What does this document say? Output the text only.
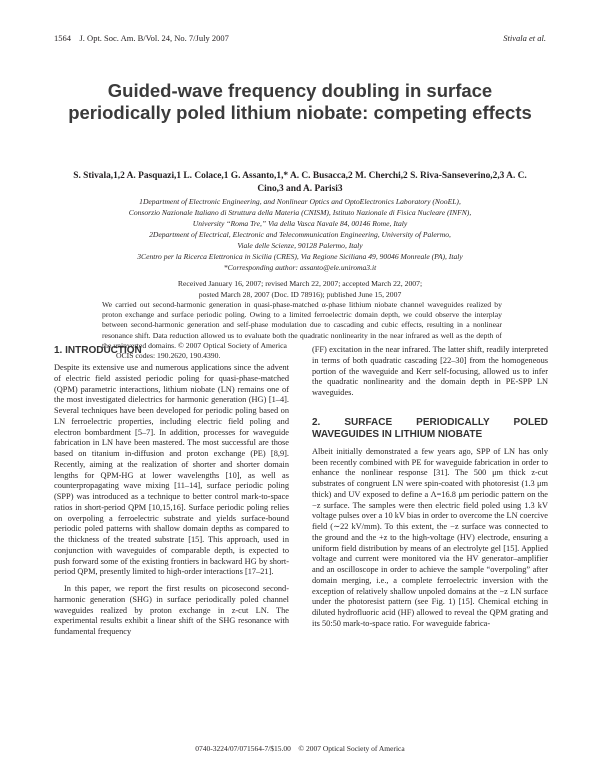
1564    J. Opt. Soc. Am. B/Vol. 24, No. 7/July 2007	Stivala et al.
Guided-wave frequency doubling in surface periodically poled lithium niobate: competing effects
S. Stivala,1,2 A. Pasquazi,1 L. Colace,1 G. Assanto,1,* A. C. Busacca,2 M. Cherchi,2 S. Riva-Sanseverino,2,3 A. C. Cino,3 and A. Parisi3
1Department of Electronic Engineering, and Nonlinear Optics and OptoElectronics Laboratory (NooEL),
Consorzio Nazionale Italiano di Struttura della Materia (CNISM), Istituto Nazionale di Fisica Nucleare (INFN),
University “Roma Tre,” Via della Vasca Navale 84, 00146 Rome, Italy
2Department of Electrical, Electronic and Telecommunication Engineering, University of Palermo,
Viale delle Scienze, 90128 Palermo, Italy
3Centro per la Ricerca Elettronica in Sicilia (CRES), Via Regione Siciliana 49, 90046 Monreale (PA), Italy
*Corresponding author: assanto@ele.uniroma3.it
Received January 16, 2007; revised March 22, 2007; accepted March 22, 2007;
posted March 28, 2007 (Doc. ID 78916); published June 15, 2007
We carried out second-harmonic generation in quasi-phase-matched α-phase lithium niobate channel waveguides realized by proton exchange and surface periodic poling. Owing to a limited ferroelectric domain depth, we could observe the interplay between second-harmonic generation and self-phase modulation due to cascading and cubic effects, resulting in a nonlinear resonance shift. Data reduction allowed us to evaluate both the quadratic nonlinearity in the near infrared as well as the depth of the uninverted domains. © 2007 Optical Society of America
OCIS codes: 190.2620, 190.4390.
1. INTRODUCTION

Despite its extensive use and numerous applications since the advent of electric field assisted periodic poling for quasi-phase-matched (QPM) parametric interactions, lithium niobate (LN) remains one of the most investigated dielectrics for harmonic generation (HG) [1–4]. Several techniques have been developed for periodic poling based on LN ferroelectric properties, including electric field poling and electron bombardment [5–7]. In addition, processes for waveguide fabrication in LN have been mastered. The most successful are those based on titanium in-diffusion and proton exchange (PE) [8,9]. Recently, aiming at the realization of shorter and shorter domain lengths for QPM-HG at lower wavelengths [10], as well as counterpropagating wave mixing [11–14], surface periodic poling (SPP) was introduced as a technique to better control mark-to-space ratios in short-period QPM [10,15,16]. Surface periodic poling relies on overpoling a ferroelectric substrate and yields surface-bound periodic poled patterns with shallow domain depths as compared to the thickness of the treated substrate [15]. This approach, used in conjunction with waveguides of comparable depth, is expected to push forward some of the existing frontiers in backward HG by short-period QPM, presently limited to high-order interactions [17–21].

In this paper, we report the first results on picosecond second-harmonic generation (SHG) in surface periodically poled channel waveguides realized by proton exchange in z-cut LN. The experimental results exhibit a linear shift of the SHG resonance with fundamental frequency

(FF) excitation in the near infrared. The latter shift, readily interpreted in terms of both quadratic cascading [22–30] from the homogeneous portion of the waveguide and Kerr self-focusing, allowed us to infer the quadratic nonlinearity and the domain depth in PE-SPP LN waveguides.

2. SURFACE PERIODICALLY POLED WAVEGUIDES IN LITHIUM NIOBATE

Albeit initially demonstrated a few years ago, SPP of LN has only been recently combined with PE for waveguide fabrication in order to enhance the nonlinear response [31]. The 500 μm thick z-cut substrates of congruent LN were spin-coated with photoresist (1.3 μm thick) and UV exposed to define a Λ=16.8 μm periodic pattern on the −z surface. The samples were then electric field poled using 1.3 kV voltage pulses over a 10 kV bias in order to overcome the LN coercive field (∼22 kV/mm). To this extent, the −z surface was connected to the ground and the +z to the high-voltage (HV) electrode, ensuring a uniform field distribution by means of an electrolyte gel [15]. Applied voltage and current were monitored via the HV generator–amplifier and an oscilloscope in order to achieve the sample “overpoling” after domain merging, i.e., a complete ferroelectric inversion with the exception of relatively shallow unpoled domains at the −z LN surface under the photoresist pattern (see Fig. 1) [15]. Chemical etching in diluted hydrofluoric acid (HF) allowed to reveal the QPM grating and its 50:50 mark-to-space ratio. For waveguide fabrica-

0740-3224/07/071564-7/$15.00    © 2007 Optical Society of America
